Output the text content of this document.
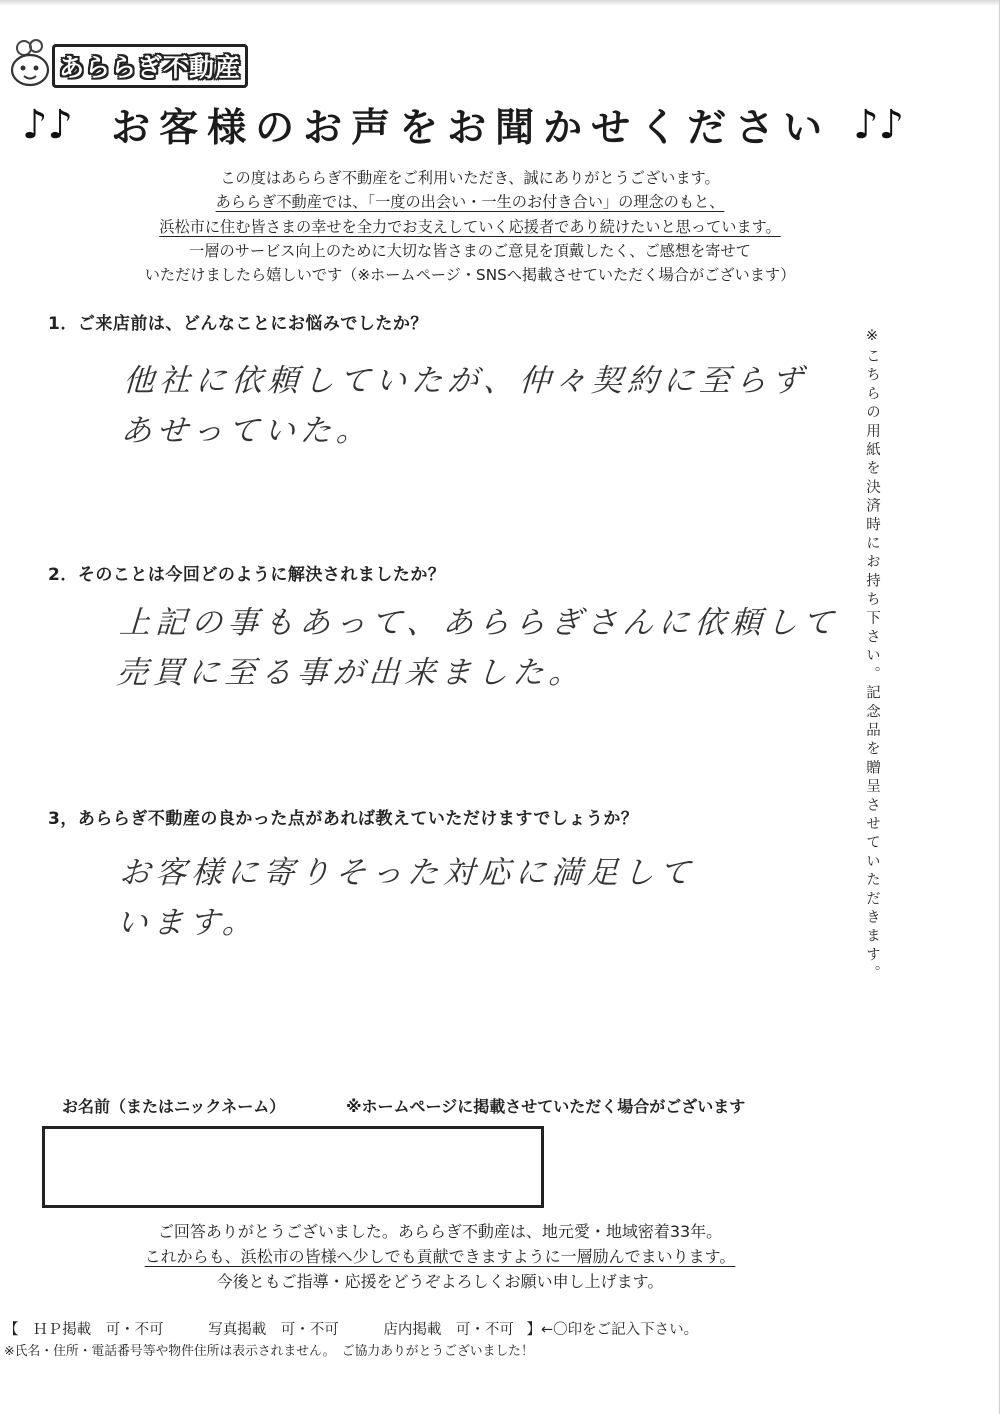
あららぎ不動産
♪♪ お客様のお声をお聞かせください ♪♪
この度はあららぎ不動産をご利用いただき、誠にありがとうございます。
あららぎ不動産では、「一度の出会い・一生のお付き合い」の理念のもと、
浜松市に住む皆さまの幸せを全力でお支えしていく応援者であり続けたいと思っています。
一層のサービス向上のために大切な皆さまのご意見を頂戴したく、ご感想を寄せて
いただけましたら嬉しいです（※ホームページ・SNSへ掲載させていただく場合がございます）
1．ご来店前は、どんなことにお悩みでしたか？
他社に依頼していたが、仲々契約に至らず
あせっていた。
2．そのことは今回どのように解決されましたか？
上記の事もあって、あららぎさんに依頼して
売買に至る事が出来ました。
3，あららぎ不動産の良かった点があれば教えていただけますでしょうか？
お客様に寄りそった対応に満足して
います。	※こちらの用紙を決済時にお持ち下さい。記念品を贈呈させていただきます。
お名前（またはニックネーム）	※ホームページに掲載させていただく場合がございます
ご回答ありがとうございました。あららぎ不動産は、地元愛・地域密着33年。
これからも、浜松市の皆様へ少しでも貢献できますように一層励んでまいります。
今後ともご指導・応援をどうぞよろしくお願い申し上げます。
【 ＨＰ掲載　可・不可	写真掲載　可・不可	店内掲載　可・不可 】←〇印をご記入下さい。
※氏名・住所・電話番号等や物件住所は表示されません。　ご協力ありがとうございました！
